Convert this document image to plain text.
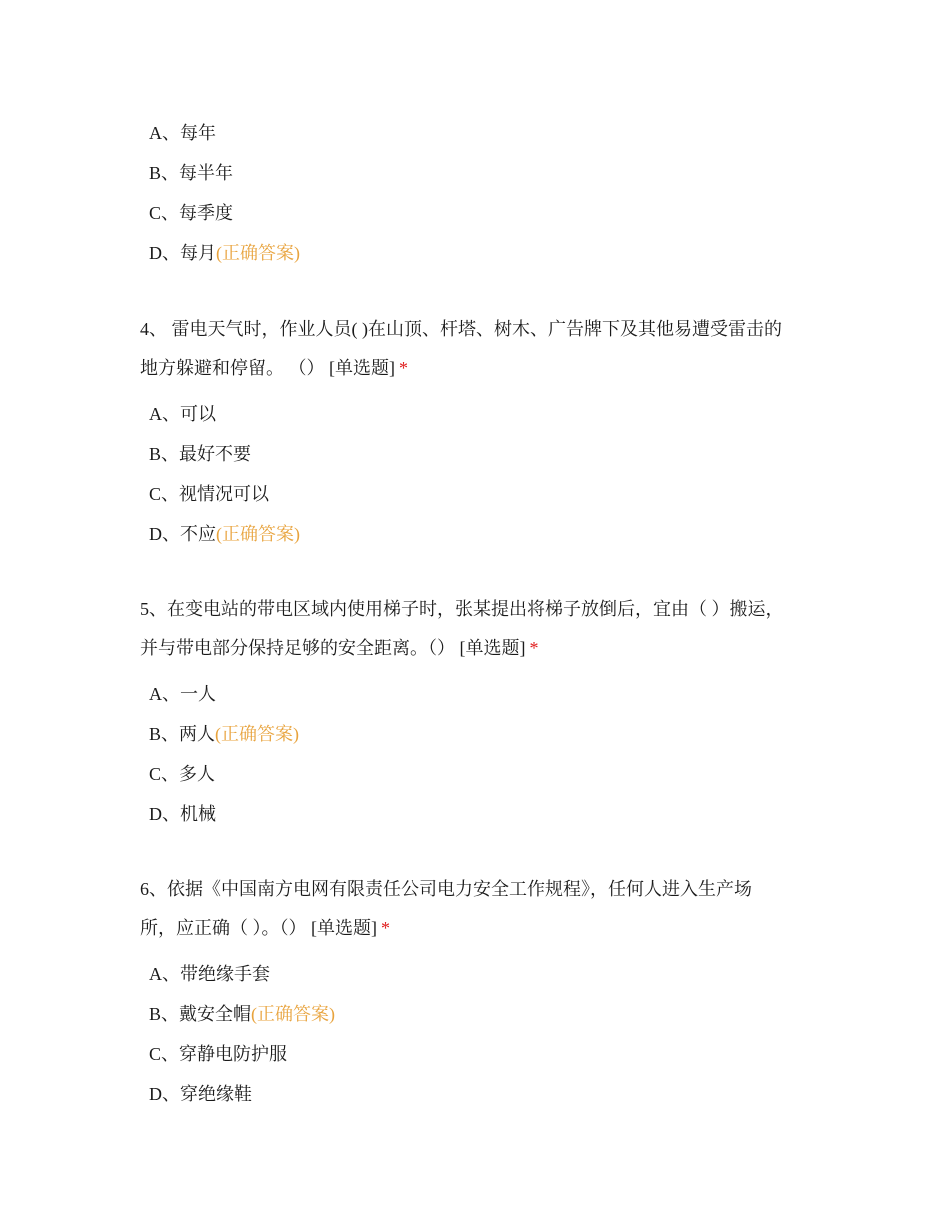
A、每年
B、每半年
C、每季度
D、每月(正确答案)

4、 雷电天气时，作业人员( )在山顶、杆塔、树木、广告牌下及其他易遭受雷击的
地方躲避和停留。 （） [单选题] *

A、可以
B、最好不要
C、视情况可以
D、不应(正确答案)

5、在变电站的带电区域内使用梯子时，张某提出将梯子放倒后，宜由（ ）搬运，
并与带电部分保持足够的安全距离。（） [单选题] *

A、一人
B、两人(正确答案)
C、多人
D、机械

6、依据《中国南方电网有限责任公司电力安全工作规程》，任何人进入生产场
所，应正确（ ）。（） [单选题] *

A、带绝缘手套
B、戴安全帽(正确答案)
C、穿静电防护服
D、穿绝缘鞋
